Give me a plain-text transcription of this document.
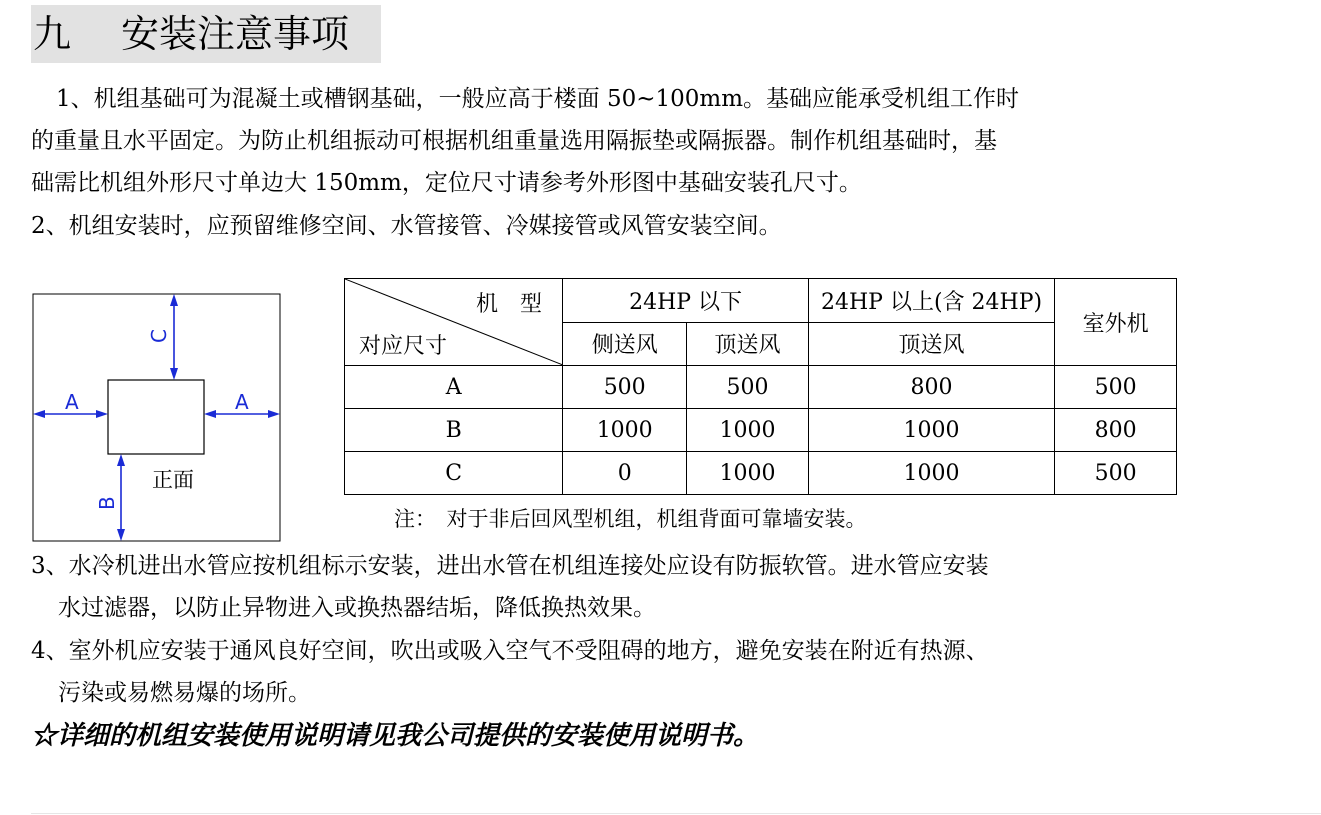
九 安装注意事项
1、机组基础可为混凝土或槽钢基础，一般应高于楼面 50~100mm。基础应能承受机组工作时
的重量且水平固定。为防止机组振动可根据机组重量选用隔振垫或隔振器。制作机组基础时，基
础需比机组外形尺寸单边大 150mm，定位尺寸请参考外形图中基础安装孔尺寸。
2、机组安装时，应预留维修空间、水管接管、冷媒接管或风管安装空间。
A	A
C
B
正面
机　型
对应尺寸	24HP 以下		24HP 以上(含 24HP)	室外机
	侧送风	顶送风	顶送风	
A	500	500	800	500
B	1000	1000	1000	800
C	0	1000	1000	500
注：　对于非后回风型机组，机组背面可靠墙安装。
3、水冷机进出水管应按机组标示安装，进出水管在机组连接处应设有防振软管。进水管应安装
水过滤器，以防止异物进入或换热器结垢，降低换热效果。
4、室外机应安装于通风良好空间，吹出或吸入空气不受阻碍的地方，避免安装在附近有热源、
污染或易燃易爆的场所。
☆详细的机组安装使用说明请见我公司提供的安装使用说明书。
